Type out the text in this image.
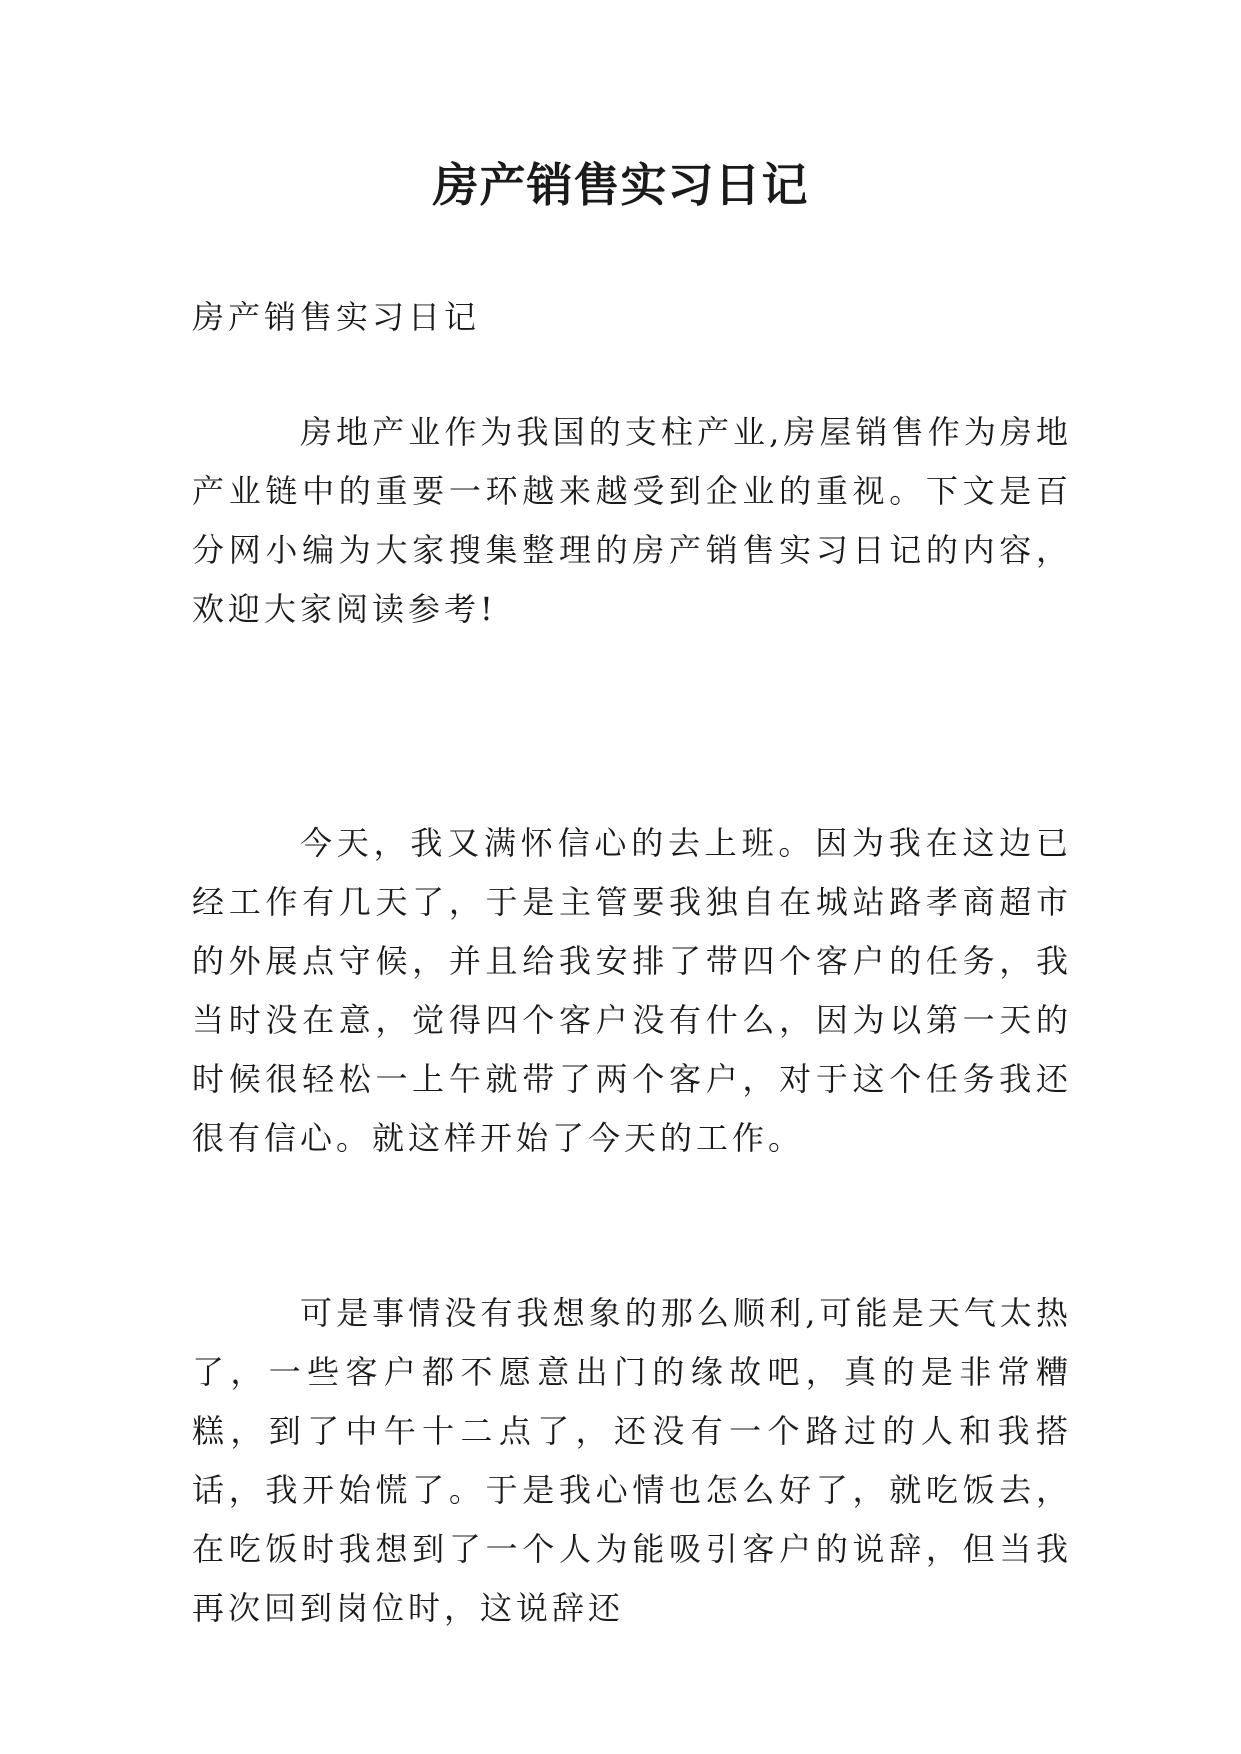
房产销售实习日记

房产销售实习日记

房地产业作为我国的支柱产业,房屋销售作为房地产业链中的重要一环越来越受到企业的重视。下文是百分网小编为大家搜集整理的房产销售实习日记的内容，欢迎大家阅读参考!

今天，我又满怀信心的去上班。因为我在这边已经工作有几天了，于是主管要我独自在城站路孝商超市的外展点守候，并且给我安排了带四个客户的任务，我当时没在意，觉得四个客户没有什么，因为以第一天的时候很轻松一上午就带了两个客户，对于这个任务我还很有信心。就这样开始了今天的工作。

可是事情没有我想象的那么顺利,可能是天气太热了，一些客户都不愿意出门的缘故吧，真的是非常糟糕，到了中午十二点了，还没有一个路过的人和我搭话，我开始慌了。于是我心情也怎么好了，就吃饭去，在吃饭时我想到了一个人为能吸引客户的说辞，但当我再次回到岗位时，这说辞还
